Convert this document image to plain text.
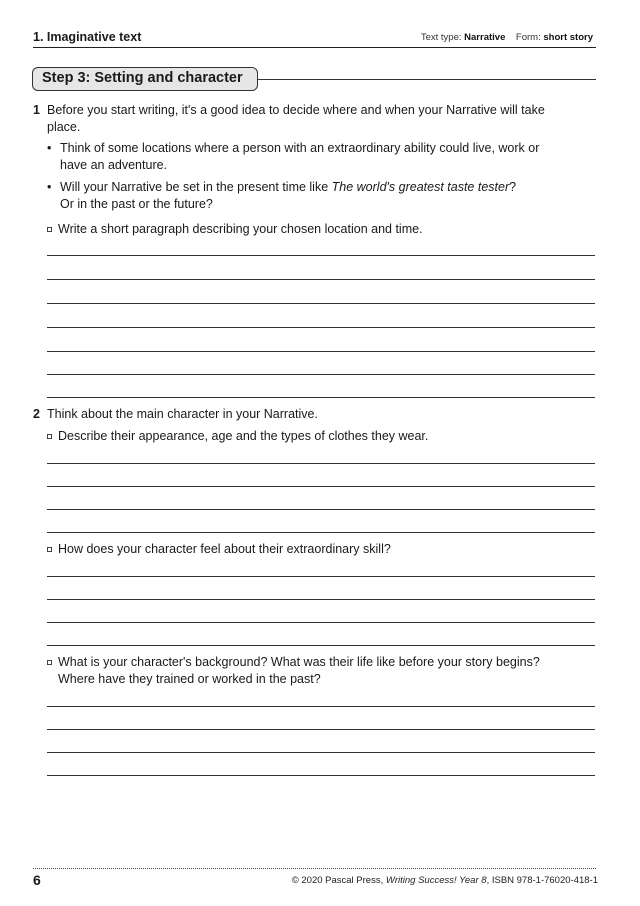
1. Imaginative text	Text type: Narrative Form: short story
Step 3: Setting and character
1 Before you start writing, it's a good idea to decide where and when your Narrative will take
place.
• Think of some locations where a person with an extraordinary ability could live, work or
have an adventure.
• Will your Narrative be set in the present time like The world's greatest taste tester?
Or in the past or the future?
Write a short paragraph describing your chosen location and time.
2 Think about the main character in your Narrative.
Describe their appearance, age and the types of clothes they wear.
How does your character feel about their extraordinary skill?
What is your character's background? What was their life like before your story begins?
Where have they trained or worked in the past?
6	© 2020 Pascal Press, Writing Success! Year 8, ISBN 978-1-76020-418-1
